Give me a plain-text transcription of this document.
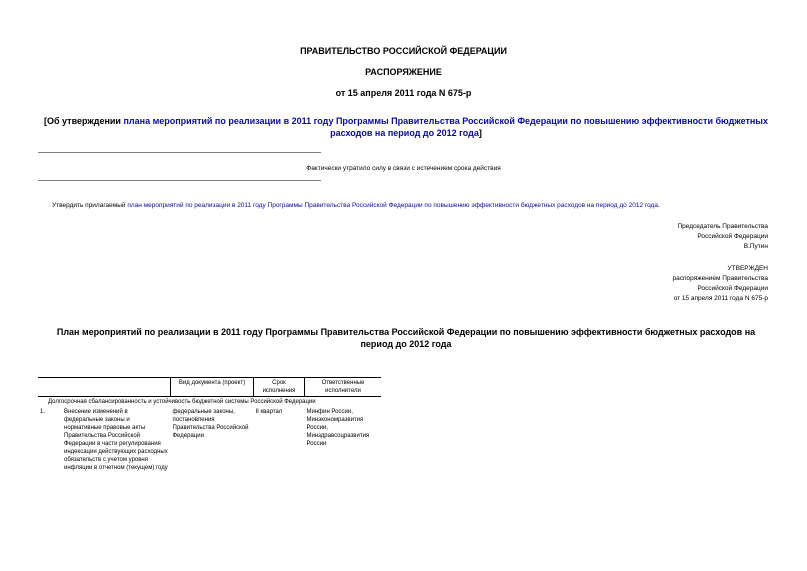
ПРАВИТЕЛЬСТВО РОССИЙСКОЙ ФЕДЕРАЦИИ
РАСПОРЯЖЕНИЕ
от 15 апреля 2011 года N 675-р
[Об утверждении плана мероприятий по реализации в 2011 году Программы Правительства Российской Федерации по повышению эффективности бюджетных расходов на период до 2012 года]
Фактически утратило силу в связи с истечением срока действия
Утвердить прилагаемый план мероприятий по реализации в 2011 году Программы Правительства Российской Федерации по повышению эффективности бюджетных расходов на период до 2012 года.
Председатель Правительства
Российской Федерации
В.Путин
УТВЕРЖДЕН
распоряжением Правительства
Российской Федерации
от 15 апреля 2011 года N 675-р
План мероприятий по реализации в 2011 году Программы Правительства Российской Федерации по повышению эффективности бюджетных расходов на период до 2012 года
		Вид документа (проект)	Срок исполнения	Ответственные исполнители
Долгосрочная сбалансированность и устойчивость бюджетной системы Российской Федерации				
1.	Внесение изменений в федеральные законы и нормативные правовые акты Правительства Российской Федерации в части регулирования индексации действующих расходных обязательств с учетом уровня инфляции в отчетном (текущем) году	федеральные законы, постановления Правительства Российской Федерации	II квартал	Минфин России, Минэкономразвития России, Минздравсоцразвития России
